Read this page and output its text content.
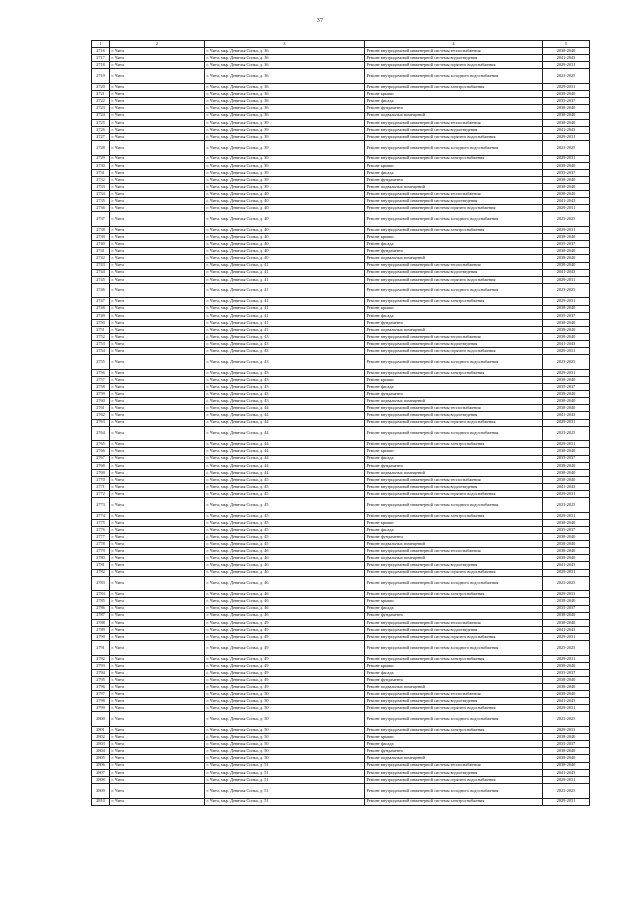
37
1	2	3	4	5
2716	г. Чита	г. Чита, мкр. Девичья Сопка, д. 36	Ремонт внутридомовой инженерной системы теплоснабжения	2038-2040
2717	г. Чита	г. Чита, мкр. Девичья Сопка, д. 36	Ремонт внутридомовой инженерной системы водоотведения	2041-2043
2718	г. Чита	г. Чита, мкр. Девичья Сопка, д. 36	Ремонт внутридомовой инженерной системы горячего водоснабжения	2029-2031
2719	г. Чита	г. Чита, мкр. Девичья Сопка, д. 36	Ремонт внутридомовой инженерной системы холодного водоснабжения	2023-2025
2720	г. Чита	г. Чита, мкр. Девичья Сопка, д. 36	Ремонт внутридомовой инженерной системы электроснабжения	2029-2031
2721	г. Чита	г. Чита, мкр. Девичья Сопка, д. 36	Ремонт крыши	2038-2040
2722	г. Чита	г. Чита, мкр. Девичья Сопка, д. 36	Ремонт фасада	2035-2037
2723	г. Чита	г. Чита, мкр. Девичья Сопка, д. 36	Ремонт фундамента	2038-2040
2724	г. Чита	г. Чита, мкр. Девичья Сопка, д. 36	Ремонт подвальных помещений	2038-2040
2725	г. Чита	г. Чита, мкр. Девичья Сопка, д. 39	Ремонт внутридомовой инженерной системы теплоснабжения	2038-2040
2726	г. Чита	г. Чита, мкр. Девичья Сопка, д. 39	Ремонт внутридомовой инженерной системы водоотведения	2041-2043
2727	г. Чита	г. Чита, мкр. Девичья Сопка, д. 39	Ремонт внутридомовой инженерной системы горячего водоснабжения	2029-2031
2728	г. Чита	г. Чита, мкр. Девичья Сопка, д. 39	Ремонт внутридомовой инженерной системы холодного водоснабжения	2023-2025
2729	г. Чита	г. Чита, мкр. Девичья Сопка, д. 39	Ремонт внутридомовой инженерной системы электроснабжения	2029-2031
2730	г. Чита	г. Чита, мкр. Девичья Сопка, д. 39	Ремонт крыши	2038-2040
2731	г. Чита	г. Чита, мкр. Девичья Сопка, д. 39	Ремонт фасада	2035-2037
2732	г. Чита	г. Чита, мкр. Девичья Сопка, д. 39	Ремонт фундамента	2038-2040
2733	г. Чита	г. Чита, мкр. Девичья Сопка, д. 39	Ремонт подвальных помещений	2038-2040
2734	г. Чита	г. Чита, мкр. Девичья Сопка, д. 40	Ремонт внутридомовой инженерной системы теплоснабжения	2038-2040
2735	г. Чита	г. Чита, мкр. Девичья Сопка, д. 40	Ремонт внутридомовой инженерной системы водоотведения	2041-2043
2736	г. Чита	г. Чита, мкр. Девичья Сопка, д. 40	Ремонт внутридомовой инженерной системы горячего водоснабжения	2029-2031
2737	г. Чита	г. Чита, мкр. Девичья Сопка, д. 40	Ремонт внутридомовой инженерной системы холодного водоснабжения	2023-2025
2738	г. Чита	г. Чита, мкр. Девичья Сопка, д. 40	Ремонт внутридомовой инженерной системы электроснабжения	2029-2031
2739	г. Чита	г. Чита, мкр. Девичья Сопка, д. 40	Ремонт крыши	2038-2040
2740	г. Чита	г. Чита, мкр. Девичья Сопка, д. 40	Ремонт фасада	2035-2037
2741	г. Чита	г. Чита, мкр. Девичья Сопка, д. 40	Ремонт фундамента	2038-2040
2742	г. Чита	г. Чита, мкр. Девичья Сопка, д. 40	Ремонт подвальных помещений	2038-2040
2743	г. Чита	г. Чита, мкр. Девичья Сопка, д. 41	Ремонт внутридомовой инженерной системы теплоснабжения	2038-2040
2744	г. Чита	г. Чита, мкр. Девичья Сопка, д. 41	Ремонт внутридомовой инженерной системы водоотведения	2041-2043
2745	г. Чита	г. Чита, мкр. Девичья Сопка, д. 41	Ремонт внутридомовой инженерной системы горячего водоснабжения	2029-2031
2746	г. Чита	г. Чита, мкр. Девичья Сопка, д. 41	Ремонт внутридомовой инженерной системы холодного водоснабжения	2023-2025
2747	г. Чита	г. Чита, мкр. Девичья Сопка, д. 41	Ремонт внутридомовой инженерной системы электроснабжения	2029-2031
2748	г. Чита	г. Чита, мкр. Девичья Сопка, д. 41	Ремонт крыши	2038-2040
2749	г. Чита	г. Чита, мкр. Девичья Сопка, д. 41	Ремонт фасада	2035-2037
2750	г. Чита	г. Чита, мкр. Девичья Сопка, д. 41	Ремонт фундамента	2038-2040
2751	г. Чита	г. Чита, мкр. Девичья Сопка, д. 41	Ремонт подвальных помещений	2038-2040
2752	г. Чита	г. Чита, мкр. Девичья Сопка, д. 43	Ремонт внутридомовой инженерной системы теплоснабжения	2038-2040
2753	г. Чита	г. Чита, мкр. Девичья Сопка, д. 43	Ремонт внутридомовой инженерной системы водоотведения	2041-2043
2754	г. Чита	г. Чита, мкр. Девичья Сопка, д. 43	Ремонт внутридомовой инженерной системы горячего водоснабжения	2029-2031
2755	г. Чита	г. Чита, мкр. Девичья Сопка, д. 43	Ремонт внутридомовой инженерной системы холодного водоснабжения	2023-2025
2756	г. Чита	г. Чита, мкр. Девичья Сопка, д. 43	Ремонт внутридомовой инженерной системы электроснабжения	2029-2031
2757	г. Чита	г. Чита, мкр. Девичья Сопка, д. 43	Ремонт крыши	2038-2040
2758	г. Чита	г. Чита, мкр. Девичья Сопка, д. 43	Ремонт фасада	2035-2037
2759	г. Чита	г. Чита, мкр. Девичья Сопка, д. 43	Ремонт фундамента	2038-2040
2760	г. Чита	г. Чита, мкр. Девичья Сопка, д. 43	Ремонт подвальных помещений	2038-2040
2761	г. Чита	г. Чита, мкр. Девичья Сопка, д. 44	Ремонт внутридомовой инженерной системы теплоснабжения	2038-2040
2762	г. Чита	г. Чита, мкр. Девичья Сопка, д. 44	Ремонт внутридомовой инженерной системы водоотведения	2041-2043
2763	г. Чита	г. Чита, мкр. Девичья Сопка, д. 44	Ремонт внутридомовой инженерной системы горячего водоснабжения	2029-2031
2764	г. Чита	г. Чита, мкр. Девичья Сопка, д. 44	Ремонт внутридомовой инженерной системы холодного водоснабжения	2023-2025
2765	г. Чита	г. Чита, мкр. Девичья Сопка, д. 44	Ремонт внутридомовой инженерной системы электроснабжения	2029-2031
2766	г. Чита	г. Чита, мкр. Девичья Сопка, д. 44	Ремонт крыши	2038-2040
2767	г. Чита	г. Чита, мкр. Девичья Сопка, д. 44	Ремонт фасада	2035-2037
2768	г. Чита	г. Чита, мкр. Девичья Сопка, д. 44	Ремонт фундамента	2038-2040
2769	г. Чита	г. Чита, мкр. Девичья Сопка, д. 44	Ремонт подвальных помещений	2038-2040
2770	г. Чита	г. Чита, мкр. Девичья Сопка, д. 45	Ремонт внутридомовой инженерной системы теплоснабжения	2038-2040
2771	г. Чита	г. Чита, мкр. Девичья Сопка, д. 45	Ремонт внутридомовой инженерной системы водоотведения	2041-2043
2772	г. Чита	г. Чита, мкр. Девичья Сопка, д. 45	Ремонт внутридомовой инженерной системы горячего водоснабжения	2029-2031
2773	г. Чита	г. Чита, мкр. Девичья Сопка, д. 45	Ремонт внутридомовой инженерной системы холодного водоснабжения	2023-2025
2774	г. Чита	г. Чита, мкр. Девичья Сопка, д. 45	Ремонт внутридомовой инженерной системы электроснабжения	2029-2031
2775	г. Чита	г. Чита, мкр. Девичья Сопка, д. 45	Ремонт крыши	2038-2040
2776	г. Чита	г. Чита, мкр. Девичья Сопка, д. 45	Ремонт фасада	2035-2037
2777	г. Чита	г. Чита, мкр. Девичья Сопка, д. 45	Ремонт фундамента	2038-2040
2778	г. Чита	г. Чита, мкр. Девичья Сопка, д. 45	Ремонт подвальных помещений	2038-2040
2779	г. Чита	г. Чита, мкр. Девичья Сопка, д. 46	Ремонт внутридомовой инженерной системы теплоснабжения	2038-2040
2780	г. Чита	г. Чита, мкр. Девичья Сопка, д. 46	Ремонт подвальных помещений	2038-2040
2781	г. Чита	г. Чита, мкр. Девичья Сопка, д. 46	Ремонт внутридомовой инженерной системы водоотведения	2041-2043
2782	г. Чита	г. Чита, мкр. Девичья Сопка, д. 46	Ремонт внутридомовой инженерной системы горячего водоснабжения	2029-2031
2783	г. Чита	г. Чита, мкр. Девичья Сопка, д. 46	Ремонт внутридомовой инженерной системы холодного водоснабжения	2023-2025
2784	г. Чита	г. Чита, мкр. Девичья Сопка, д. 46	Ремонт внутридомовой инженерной системы электроснабжения	2029-2031
2785	г. Чита	г. Чита, мкр. Девичья Сопка, д. 46	Ремонт крыши	2038-2040
2786	г. Чита	г. Чита, мкр. Девичья Сопка, д. 46	Ремонт фасада	2035-2037
2787	г. Чита	г. Чита, мкр. Девичья Сопка, д. 46	Ремонт фундамента	2038-2040
2788	г. Чита	г. Чита, мкр. Девичья Сопка, д. 49	Ремонт внутридомовой инженерной системы теплоснабжения	2038-2040
2789	г. Чита	г. Чита, мкр. Девичья Сопка, д. 49	Ремонт внутридомовой инженерной системы водоотведения	2041-2043
2790	г. Чита	г. Чита, мкр. Девичья Сопка, д. 49	Ремонт внутридомовой инженерной системы горячего водоснабжения	2029-2031
2791	г. Чита	г. Чита, мкр. Девичья Сопка, д. 49	Ремонт внутридомовой инженерной системы холодного водоснабжения	2023-2025
2792	г. Чита	г. Чита, мкр. Девичья Сопка, д. 49	Ремонт внутридомовой инженерной системы электроснабжения	2029-2031
2793	г. Чита	г. Чита, мкр. Девичья Сопка, д. 49	Ремонт крыши	2038-2040
2794	г. Чита	г. Чита, мкр. Девичья Сопка, д. 49	Ремонт фасада	2035-2037
2795	г. Чита	г. Чита, мкр. Девичья Сопка, д. 49	Ремонт фундамента	2038-2040
2796	г. Чита	г. Чита, мкр. Девичья Сопка, д. 49	Ремонт подвальных помещений	2038-2040
2797	г. Чита	г. Чита, мкр. Девичья Сопка, д. 50	Ремонт внутридомовой инженерной системы теплоснабжения	2038-2040
2798	г. Чита	г. Чита, мкр. Девичья Сопка, д. 50	Ремонт внутридомовой инженерной системы водоотведения	2041-2043
2799	г. Чита	г. Чита, мкр. Девичья Сопка, д. 50	Ремонт внутридомовой инженерной системы горячего водоснабжения	2029-2031
2800	г. Чита	г. Чита, мкр. Девичья Сопка, д. 50	Ремонт внутридомовой инженерной системы холодного водоснабжения	2023-2025
2801	г. Чита	г. Чита, мкр. Девичья Сопка, д. 50	Ремонт внутридомовой инженерной системы электроснабжения	2029-2031
2802	г. Чита	г. Чита, мкр. Девичья Сопка, д. 50	Ремонт крыши	2038-2040
2803	г. Чита	г. Чита, мкр. Девичья Сопка, д. 50	Ремонт фасада	2035-2037
2804	г. Чита	г. Чита, мкр. Девичья Сопка, д. 50	Ремонт фундамента	2038-2040
2805	г. Чита	г. Чита, мкр. Девичья Сопка, д. 50	Ремонт подвальных помещений	2038-2040
2806	г. Чита	г. Чита, мкр. Девичья Сопка, д. 51	Ремонт внутридомовой инженерной системы теплоснабжения	2038-2040
2807	г. Чита	г. Чита, мкр. Девичья Сопка, д. 51	Ремонт внутридомовой инженерной системы водоотведения	2041-2043
2808	г. Чита	г. Чита, мкр. Девичья Сопка, д. 51	Ремонт внутридомовой инженерной системы горячего водоснабжения	2029-2031
2809	г. Чита	г. Чита, мкр. Девичья Сопка, д. 51	Ремонт внутридомовой инженерной системы холодного водоснабжения	2023-2025
2810	г. Чита	г. Чита, мкр. Девичья Сопка, д. 51	Ремонт внутридомовой инженерной системы электроснабжения	2029-2031
